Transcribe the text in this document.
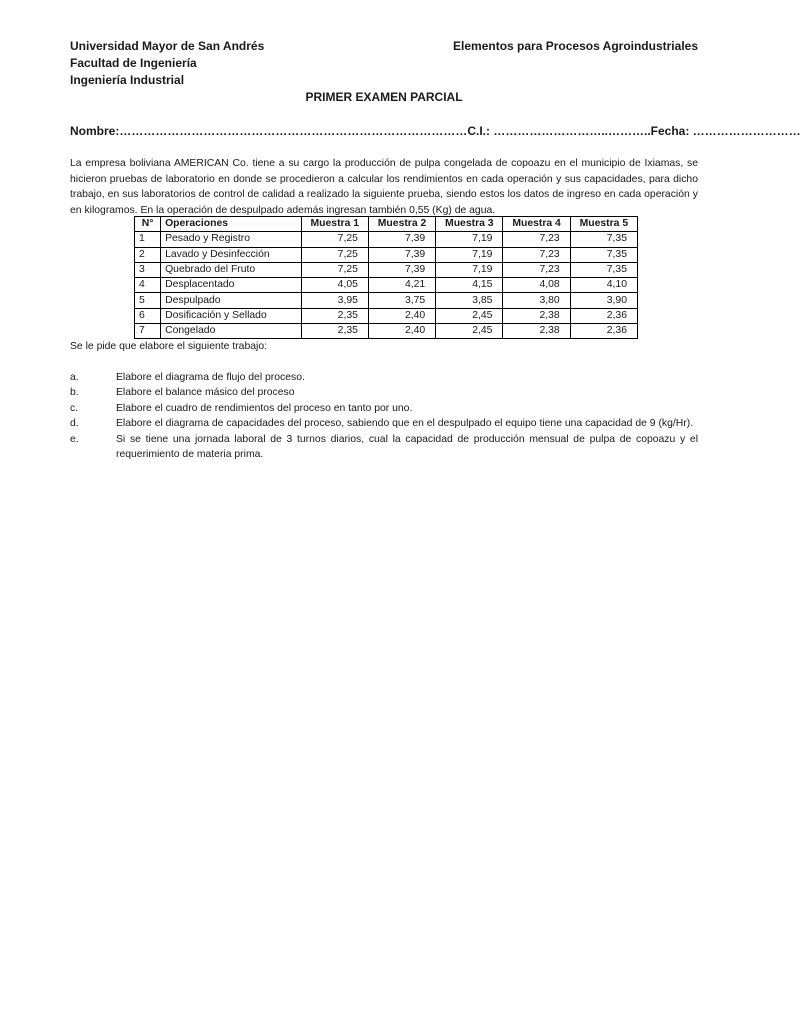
Universidad Mayor de San Andrés
Facultad de Ingeniería
Ingeniería Industrial
Elementos para Procesos Agroindustriales
PRIMER EXAMEN PARCIAL
Nombre:……………………………………………………………………………C.I.: ………………………..………..Fecha: ………………………

La empresa boliviana AMERICAN Co. tiene a su cargo la producción de pulpa congelada de copoazu en el municipio de Ixiamas, se hicieron pruebas de laboratorio en donde se procedieron a calcular los rendimientos en cada operación y sus capacidades, para dicho trabajo, en sus laboratorios de control de calidad a realizado la siguiente prueba, siendo estos los datos de ingreso en cada operación y en kilogramos. En la operación de despulpado además ingresan también 0,55 (Kg) de agua.

N°	Operaciones	Muestra 1	Muestra 2	Muestra 3	Muestra 4	Muestra 5
1	Pesado y Registro	7,25	7,39	7,19	7,23	7,35
2	Lavado y Desinfección	7,25	7,39	7,19	7,23	7,35
3	Quebrado del Fruto	7,25	7,39	7,19	7,23	7,35
4	Desplacentado	4,05	4,21	4,15	4,08	4,10
5	Despulpado	3,95	3,75	3,85	3,80	3,90
6	Dosificación y Sellado	2,35	2,40	2,45	2,38	2,36
7	Congelado	2,35	2,40	2,45	2,38	2,36
Se le pide que elabore el siguiente trabajo:
a.	Elabore el diagrama de flujo del proceso.
b.	Elabore el balance másico del proceso
c.	Elabore el cuadro de rendimientos del proceso en tanto por uno.
d.	Elabore el diagrama de capacidades del proceso, sabiendo que en el despulpado el equipo tiene una capacidad de 9 (kg/Hr).
e.	Si se tiene una jornada laboral de 3 turnos diarios, cual la capacidad de producción mensual de pulpa de copoazu y el requerimiento de materia prima.
